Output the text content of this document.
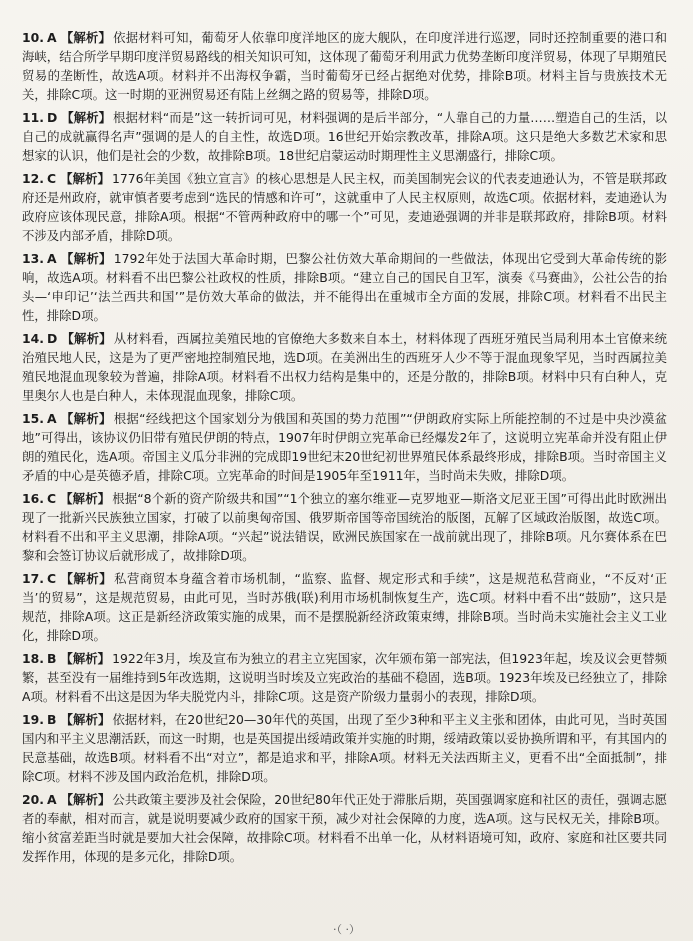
10. A 【解析】 依据材料可知，葡萄牙人依靠印度洋地区的庞大舰队，在印度洋进行巡逻，同时还控制重要的港口和海峡，结合所学早期印度洋贸易路线的相关知识可知，这体现了葡萄牙利用武力优势垄断印度洋贸易，体现了早期殖民贸易的垄断性，故选A项。材料并不出海权争霸，当时葡萄牙已经占据绝对优势，排除B项。材料主旨与贵族技术无关，排除C项。这一时期的亚洲贸易还有陆上丝绸之路的贸易等，排除D项。
11. D 【解析】 根据材料“而是”这一转折词可见，材料强调的是后半部分，“人靠自己的力量……塑造自己的生活，以自己的成就赢得名声”强调的是人的自主性，故选D项。16世纪开始宗教改革，排除A项。这只是绝大多数艺术家和思想家的认识，他们是社会的少数，故排除B项。18世纪启蒙运动时期理性主义思潮盛行，排除C项。
12. C 【解析】 1776年美国《独立宣言》的核心思想是人民主权，而美国制宪会议的代表麦迪逊认为，不管是联邦政府还是州政府，就审慎者要考虑到“选民的情感和许可”，这就重申了人民主权原则，故选C项。依据材料，麦迪逊认为政府应该体现民意，排除A项。根据“不管两种政府中的哪一个”可见，麦迪逊强调的并非是联邦政府，排除B项。材料不涉及内部矛盾，排除D项。
13. A 【解析】 1792年处于法国大革命时期，巴黎公社仿效大革命期间的一些做法，体现出它受到大革命传统的影响，故选A项。材料看不出巴黎公社政权的性质，排除B项。“建立自己的国民自卫军，演奏《马赛曲》，公社公告的抬头—‘申印记’‘法兰西共和国’”是仿效大革命的做法，并不能得出在重城市全方面的发展，排除C项。材料看不出民主性，排除D项。
14. D 【解析】 从材料看，西属拉美殖民地的官僚绝大多数来自本土，材料体现了西班牙殖民当局利用本土官僚来统治殖民地人民，这是为了更严密地控制殖民地，选D项。在美洲出生的西班牙人少不等于混血现象罕见，当时西属拉美殖民地混血现象较为普遍，排除A项。材料看不出权力结构是集中的，还是分散的，排除B项。材料中只有白种人，克里奥尔人也是白种人，未体现混血现象，排除C项。
15. A 【解析】 根据“经线把这个国家划分为俄国和英国的势力范围”“伊朗政府实际上所能控制的不过是中央沙漠盆地”可得出，该协议仍旧带有殖民伊朗的特点，1907年时伊朗立宪革命已经爆发2年了，这说明立宪革命并没有阻止伊朗的殖民化，选A项。帝国主义瓜分非洲的完成即19世纪末20世纪初世界殖民体系最终形成，排除B项。当时帝国主义矛盾的中心是英德矛盾，排除C项。立宪革命的时间是1905年至1911年，当时尚未失败，排除D项。
16. C 【解析】 根据“8个新的资产阶级共和国”“1个独立的塞尔维亚—克罗地亚—斯洛文尼亚王国”可得出此时欧洲出现了一批新兴民族独立国家，打破了以前奥匈帝国、俄罗斯帝国等帝国统治的版图，瓦解了区域政治版图，故选C项。材料看不出和平主义思潮，排除A项。“兴起”说法错误，欧洲民族国家在一战前就出现了，排除B项。凡尔赛体系在巴黎和会签订协议后就形成了，故排除D项。
17. C 【解析】 私营商贸本身蕴含着市场机制，“监察、监督、规定形式和手续”，这是规范私营商业，“不反对‘正当’的贸易”，这是规范贸易，由此可见，当时苏俄(联)利用市场机制恢复生产，选C项。材料中看不出“鼓励”，这只是规范，排除A项。这正是新经济政策实施的成果，而不是摆脱新经济政策束缚，排除B项。当时尚未实施社会主义工业化，排除D项。
18. B 【解析】 1922年3月，埃及宣布为独立的君主立宪国家，次年颁布第一部宪法，但1923年起，埃及议会更替频繁，甚至没有一届维持到5年改选期，这说明当时埃及立宪政治的基础不稳固，选B项。1923年埃及已经独立了，排除A项。材料看不出这是因为华夫脱党内斗，排除C项。这是资产阶级力量弱小的表现，排除D项。
19. B 【解析】 依据材料，在20世纪20—30年代的英国，出现了至少3种和平主义主张和团体，由此可见，当时英国国内和平主义思潮活跃，而这一时期，也是英国提出绥靖政策并实施的时期，绥靖政策以妥协换所谓和平，有其国内的民意基础，故选B项。材料看不出“对立”，都是追求和平，排除A项。材料无关法西斯主义，更看不出“全面抵制”，排除C项。材料不涉及国内政治危机，排除D项。
20. A 【解析】 公共政策主要涉及社会保险，20世纪80年代正处于滞胀后期，英国强调家庭和社区的责任，强调志愿者的奉献，相对而言，就是说明要减少政府的国家干预，减少对社会保障的力度，选A项。这与民权无关，排除B项。缩小贫富差距当时就是要加大社会保障，故排除C项。材料看不出单一化，从材料语境可知，政府、家庭和社区要共同发挥作用，体现的是多元化，排除D项。
·（ ·）
